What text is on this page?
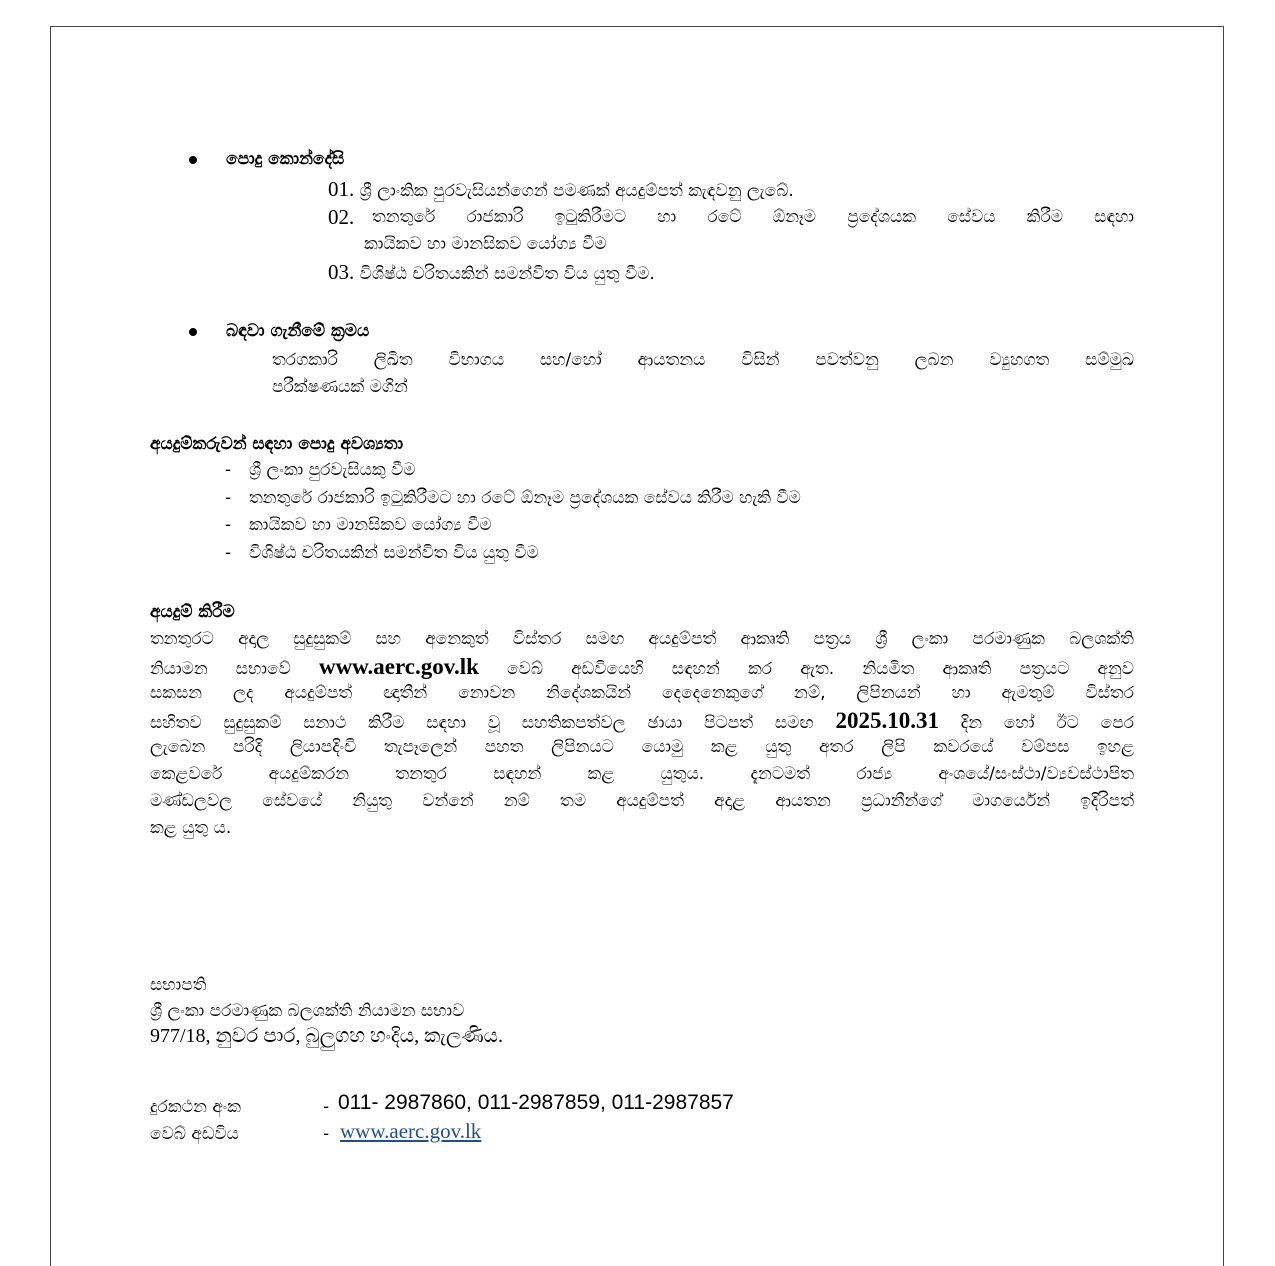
පොදු කොන්දේසි
01. ශ්‍රී ලාංකික පුරවැසියන්ගෙන් පමණක් අයදුම්පත් කැඳවනු ලැබේ.
02. තනතුරේ රාජකාරි ඉටුකිරීමට හා රටේ ඕනෑම ප්‍රදේශයක සේවය කිරීම සඳහා
කායිකව හා මානසිකව යෝග්‍ය වීම
03. විශිෂ්ඨ චරිතයකින් සමන්විත විය යුතු වීම.
බඳවා ගැනීමේ ක්‍රමය
තරගකාරි ලිඛිත විභාගය සහ/හෝ ආයතනය විසින් පවත්වනු ලබන ව්‍යුහගත සම්මුඛ
පරීක්ෂණයක් මගින්
අයදුම්කරුවන් සඳහා පොදු අවශ්‍යතා
- ශ්‍රී ලංකා පුරවැසියකු වීම
- තනතුරේ රාජකාරි ඉටුකිරීමට හා රටේ ඕනෑම ප්‍රදේශයක සේවය කිරීම හැකි වීම
- කායිකව හා මානසිකව යෝග්‍ය වීම
- විශිෂ්ඨ චරිතයකින් සමන්විත විය යුතු වීම
අයදුම් කිරීම
තනතුරට අදාල සුදුසුකම් සහ අනෙකුත් විස්තර සමඟ අයදුම්පත් ආකෘති පත්‍රය ශ්‍රී ලංකා පරමාණුක බලශක්ති
නියාමන සභාවේ www.aerc.gov.lk වෙබ් අඩවියෙහි සඳහන් කර ඇත. නියමිත ආකෘති පත්‍රයට අනුව
සකසන ලද අයදුම්පත් ඥාතීන් නොවන නිදේශකයින් දෙදෙනෙකුගේ නම්, ලිපිනයන් හා ඇමතුම් විස්තර
සහිතව සුදුසුකම් සනාථ කිරීම සඳහා වූ සහතිකපත්වල ඡායා පිටපත් සමඟ 2025.10.31 දින හෝ ඊට පෙර
ලැබෙන පරිදි ලියාපදිංචි තැපෑලෙන් පහත ලිපිනයට යොමු කළ යුතු අතර ලිපි කවරයේ වම්පස ඉහළ
කෙළවරේ අයදුම්කරන තනතුර සඳහන් කළ යුතුය. දැනටමත් රාජ්‍ය අංශයේ/සංස්ථා/ව්‍යවස්ථාපිත
මණ්ඩලවල සේවයේ නියුතු වන්නේ නම් තම අයදුම්පත් අදාළ ආයතන ප්‍රධානීන්ගේ මාගර්යෙන් ඉදිරිපත්
කළ යුතු ය.
සභාපති
ශ්‍රී ලංකා පරමාණුක බලශක්ති නියාමන සභාව
977/18, නුවර පාර, බුලුගහ හංදිය, කැලණිය.
දුරකථන අංක	- 011- 2987860, 011-2987859, 011-2987857
වෙබ් අඩවිය	- www.aerc.gov.lk
